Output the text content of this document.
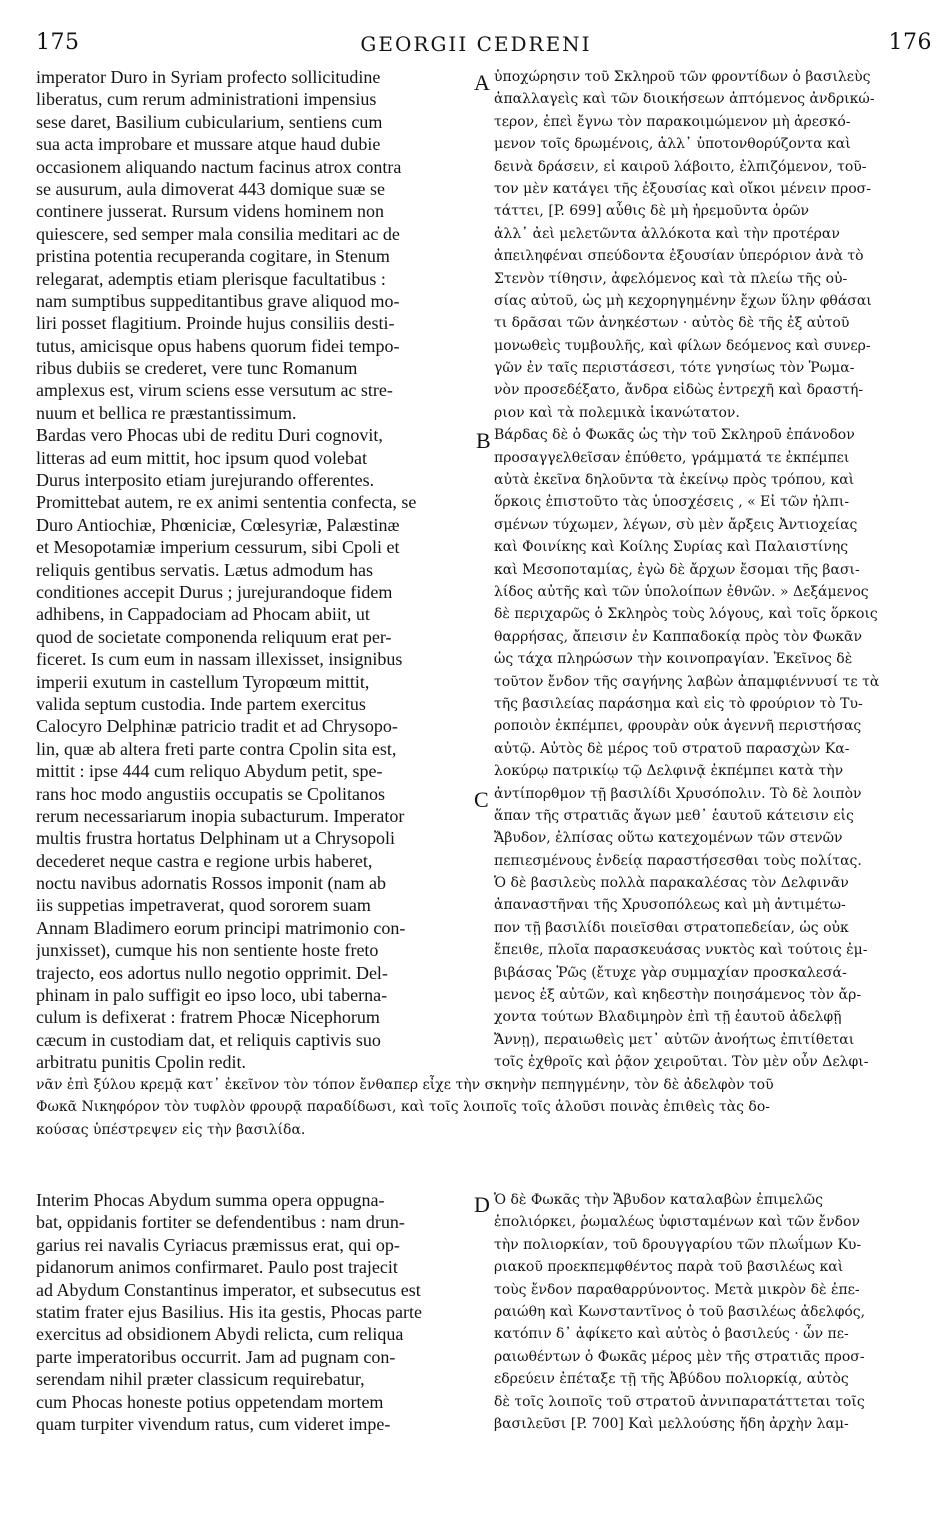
175	GEORGII CEDRENI	176
A
B
C
D
imperator Duro in Syriam profecto sollicitudine
liberatus, cum rerum administrationi impensius
sese daret, Basilium cubicularium, sentiens cum
sua acta improbare et mussare atque haud dubie
occasionem aliquando nactum facinus atrox contra
se ausurum, aula dimoverat 443 domique suæ se
continere jusserat. Rursum videns hominem non
quiescere, sed semper mala consilia meditari ac de
pristina potentia recuperanda cogitare, in Stenum
relegarat, ademptis etiam plerisque facultatibus :
nam sumptibus suppeditantibus grave aliquod mo-
liri posset flagitium. Proinde hujus consiliis desti-
tutus, amicisque opus habens quorum fidei tempo-
ribus dubiis se crederet, vere tunc Romanum
amplexus est, virum sciens esse versutum ac stre-
nuum et bellica re præstantissimum.
Bardas vero Phocas ubi de reditu Duri cognovit,
litteras ad eum mittit, hoc ipsum quod volebat
Durus interposito etiam jurejurando offerentes.
Promittebat autem, re ex animi sententia confecta, se
Duro Antiochiæ, Phœniciæ, Cœlesyriæ, Palæstinæ
et Mesopotamiæ imperium cessurum, sibi Cpoli et
reliquis gentibus servatis. Lætus admodum has
conditiones accepit Durus ; jurejurandoque fidem
adhibens, in Cappadociam ad Phocam abiit, ut
quod de societate componenda reliquum erat per-
ficeret. Is cum eum in nassam illexisset, insignibus
imperii exutum in castellum Tyropœum mittit,
valida septum custodia. Inde partem exercitus
Calocyro Delphinæ patricio tradit et ad Chrysopo-
lin, quæ ab altera freti parte contra Cpolin sita est,
mittit : ipse 444 cum reliquo Abydum petit, spe-
rans hoc modo angustiis occupatis se Cpolitanos
rerum necessariarum inopia subacturum. Imperator
multis frustra hortatus Delphinam ut a Chrysopoli
decederet neque castra e regione urbis haberet,
noctu navibus adornatis Rossos imponit (nam ab
iis suppetias impetraverat, quod sororem suam
Annam Bladimero eorum principi matrimonio con-
junxisset), cumque his non sentiente hoste freto
trajecto, eos adortus nullo negotio opprimit. Del-
phinam in palo suffigit eo ipso loco, ubi taberna-
culum is defixerat : fratrem Phocæ Nicephorum
cæcum in custodiam dat, et reliquis captivis suo
arbitratu punitis Cpolin redit.
ὑποχώρησιν τοῦ Σκληροῦ τῶν φροντίδων ὁ βασιλεὺς
ἀπαλλαγεὶς καὶ τῶν διοικήσεων ἁπτόμενος ἀνδρικώ-
τερον, ἐπεὶ ἔγνω τὸν παρακοιμώμενον μὴ ἀρεσκό-
μενον τοῖς δρωμένοις, ἀλλ᾽ ὑποτονθορύζοντα καὶ
δεινὰ δράσειν, εἰ καιροῦ λάβοιτο, ἐλπιζόμενον, τοῦ-
τον μὲν κατάγει τῆς ἐξουσίας καὶ οἴκοι μένειν προσ-
τάττει, [P. 699] αὖθις δὲ μὴ ἠρεμοῦντα ὁρῶν
ἀλλ᾽ ἀεὶ μελετῶντα ἀλλόκοτα καὶ τὴν προτέραν
ἀπειληφέναι σπεύδοντα ἐξουσίαν ὑπερόριον ἀνὰ τὸ
Στενὸν τίθησιν, ἀφελόμενος καὶ τὰ πλείω τῆς οὐ-
σίας αὐτοῦ, ὡς μὴ κεχορηγημένην ἔχων ὕλην φθάσαι
τι δρᾶσαι τῶν ἀνηκέστων · αὐτὸς δὲ τῆς ἐξ αὐτοῦ
μονωθεὶς τυμβουλῆς, καὶ φίλων δεόμενος καὶ συνερ-
γῶν ἐν ταῖς περιστάσεσι, τότε γνησίως τὸν Ῥωμα-
νὸν προσεδέξατο, ἄνδρα εἰδὼς ἐντρεχῆ καὶ δραστή-
ριον καὶ τὰ πολεμικὰ ἱκανώτατον.
Βάρδας δὲ ὁ Φωκᾶς ὡς τὴν τοῦ Σκληροῦ ἐπάνοδον
προσαγγελθεῖσαν ἐπύθετο, γράμματά τε ἐκπέμπει
αὐτὰ ἐκεῖνα δηλοῦντα τὰ ἐκείνῳ πρὸς τρόπου, καὶ
ὅρκοις ἐπιστοῦτο τὰς ὑποσχέσεις , « Εἰ τῶν ἠλπι-
σμένων τύχωμεν, λέγων, σὺ μὲν ἄρξεις Ἀντιοχείας
καὶ Φοινίκης καὶ Κοίλης Συρίας καὶ Παλαιστίνης
καὶ Μεσοποταμίας, ἐγὼ δὲ ἄρχων ἔσομαι τῆς βασι-
λίδος αὐτῆς καὶ τῶν ὑπολοίπων ἐθνῶν. » Δεξάμενος
δὲ περιχαρῶς ὁ Σκληρὸς τοὺς λόγους, καὶ τοῖς ὅρκοις
θαρρήσας, ἄπεισιν ἐν Καππαδοκίᾳ πρὸς τὸν Φωκᾶν
ὡς τάχα πληρώσων τὴν κοινοπραγίαν. Ἐκεῖνος δὲ
τοῦτον ἔνδον τῆς σαγήνης λαβὼν ἀπαμφιέννυσί τε τὰ
τῆς βασιλείας παράσημα καὶ εἰς τὸ φρούριον τὸ Τυ-
ροποιὸν ἐκπέμπει, φρουρὰν οὐκ ἀγεννῆ περιστήσας
αὐτῷ. Αὐτὸς δὲ μέρος τοῦ στρατοῦ παρασχὼν Κα-
λοκύρῳ πατρικίῳ τῷ Δελφινᾷ ἐκπέμπει κατὰ τὴν
ἀντίπορθμον τῇ βασιλίδι Χρυσόπολιν. Τὸ δὲ λοιπὸν
ἅπαν τῆς στρατιᾶς ἄγων μεθ᾽ ἑαυτοῦ κάτεισιν εἰς
Ἄβυδον, ἐλπίσας οὕτω κατεχομένων τῶν στενῶν
πεπιεσμένους ἐνδείᾳ παραστήσεσθαι τοὺς πολίτας.
Ὁ δὲ βασιλεὺς πολλὰ παρακαλέσας τὸν Δελφινᾶν
ἀπαναστῆναι τῆς Χρυσοπόλεως καὶ μὴ ἀντιμέτω-
πον τῇ βασιλίδι ποιεῖσθαι στρατοπεδείαν, ὡς οὐκ
ἔπειθε, πλοῖα παρασκευάσας νυκτὸς καὶ τούτοις ἐμ-
βιβάσας Ῥῶς (ἔτυχε γὰρ συμμαχίαν προσκαλεσά-
μενος ἐξ αὐτῶν, καὶ κηδεστὴν ποιησάμενος τὸν ἄρ-
χοντα τούτων Βλαδιμηρὸν ἐπὶ τῇ ἑαυτοῦ ἀδελφῇ
Ἄννῃ), περαιωθεὶς μετ᾽ αὐτῶν ἀνοήτως ἐπιτίθεται
τοῖς ἐχθροῖς καὶ ῥᾷον χειροῦται. Τὸν μὲν οὖν Δελφι-
νᾶν ἐπὶ ξύλου κρεμᾷ κατ᾽ ἐκεῖνον τὸν τόπον ἔνθαπερ εἶχε τὴν σκηνὴν πεπηγμένην, τὸν δὲ ἀδελφὸν τοῦ
Φωκᾶ Νικηφόρον τὸν τυφλὸν φρουρᾷ παραδίδωσι, καὶ τοῖς λοιποῖς τοῖς ἁλοῦσι ποινὰς ἐπιθεὶς τὰς δο-
κούσας ὑπέστρεψεν εἰς τὴν βασιλίδα.
Interim Phocas Abydum summa opera oppugna-
bat, oppidanis fortiter se defendentibus : nam drun-
garius rei navalis Cyriacus præmissus erat, qui op-
pidanorum animos confirmaret. Paulo post trajecit
ad Abydum Constantinus imperator, et subsecutus est
statim frater ejus Basilius. His ita gestis, Phocas parte
exercitus ad obsidionem Abydi relicta, cum reliqua
parte imperatoribus occurrit. Jam ad pugnam con-
serendam nihil præter classicum requirebatur,
cum Phocas honeste potius oppetendam mortem
quam turpiter vivendum ratus, cum videret impe-
Ὁ δὲ Φωκᾶς τὴν Ἄβυδον καταλαβὼν ἐπιμελῶς
ἐπολιόρκει, ῥωμαλέως ὑφισταμένων καὶ τῶν ἔνδον
τὴν πολιορκίαν, τοῦ δρουγγαρίου τῶν πλωΐμων Κυ-
ριακοῦ προεκπεμφθέντος παρὰ τοῦ βασιλέως καὶ
τοὺς ἔνδον παραθαρρύνοντος. Μετὰ μικρὸν δὲ ἐπε-
ραιώθη καὶ Κωνσταντῖνος ὁ τοῦ βασιλέως ἀδελφός,
κατόπιν δ᾽ ἀφίκετο καὶ αὐτὸς ὁ βασιλεύς · ὧν πε-
ραιωθέντων ὁ Φωκᾶς μέρος μὲν τῆς στρατιᾶς προσ-
εδρεύειν ἐπέταξε τῇ τῆς Ἀβύδου πολιορκίᾳ, αὐτὸς
δὲ τοῖς λοιποῖς τοῦ στρατοῦ ἀννιπαρατάττεται τοῖς
βασιλεῦσι [P. 700] Καὶ μελλούσης ἤδη ἀρχὴν λαμ-
